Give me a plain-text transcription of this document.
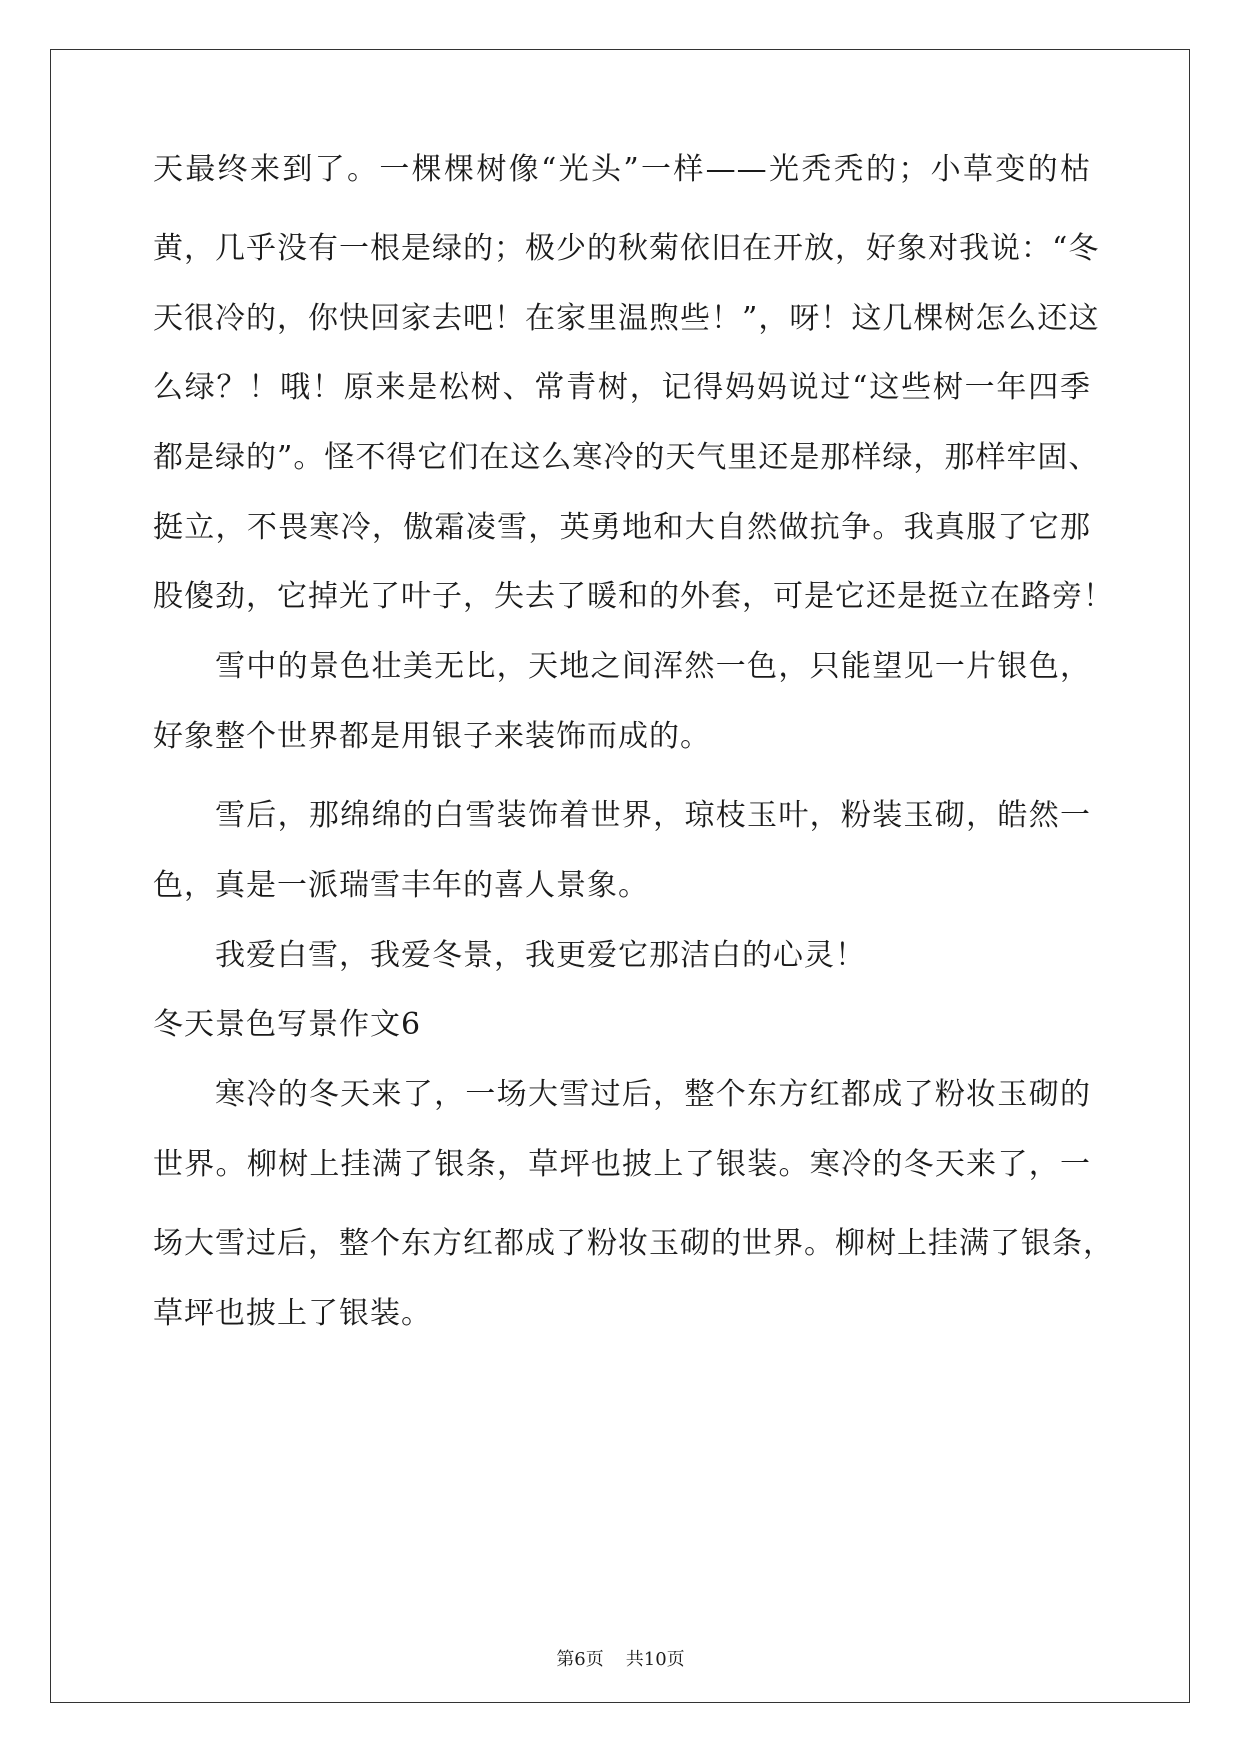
天最终来到了。一棵棵树像“光头”一样——光秃秃的；小草变的枯
黄，几乎没有一根是绿的；极少的秋菊依旧在开放，好象对我说：“冬
天很冷的，你快回家去吧！在家里温煦些！”，呀！这几棵树怎么还这
么绿？！哦！原来是松树、常青树，记得妈妈说过“这些树一年四季
都是绿的”。怪不得它们在这么寒冷的天气里还是那样绿，那样牢固、
挺立，不畏寒冷，傲霜凌雪，英勇地和大自然做抗争。我真服了它那
股傻劲，它掉光了叶子，失去了暖和的外套，可是它还是挺立在路旁！
雪中的景色壮美无比，天地之间浑然一色，只能望见一片银色，
好象整个世界都是用银子来装饰而成的。
雪后，那绵绵的白雪装饰着世界，琼枝玉叶，粉装玉砌，皓然一
色，真是一派瑞雪丰年的喜人景象。
我爱白雪，我爱冬景，我更爱它那洁白的心灵！
冬天景色写景作文6
寒冷的冬天来了，一场大雪过后，整个东方红都成了粉妆玉砌的
世界。柳树上挂满了银条，草坪也披上了银装。寒冷的冬天来了，一
场大雪过后，整个东方红都成了粉妆玉砌的世界。柳树上挂满了银条，
草坪也披上了银装。
第6页 共10页
